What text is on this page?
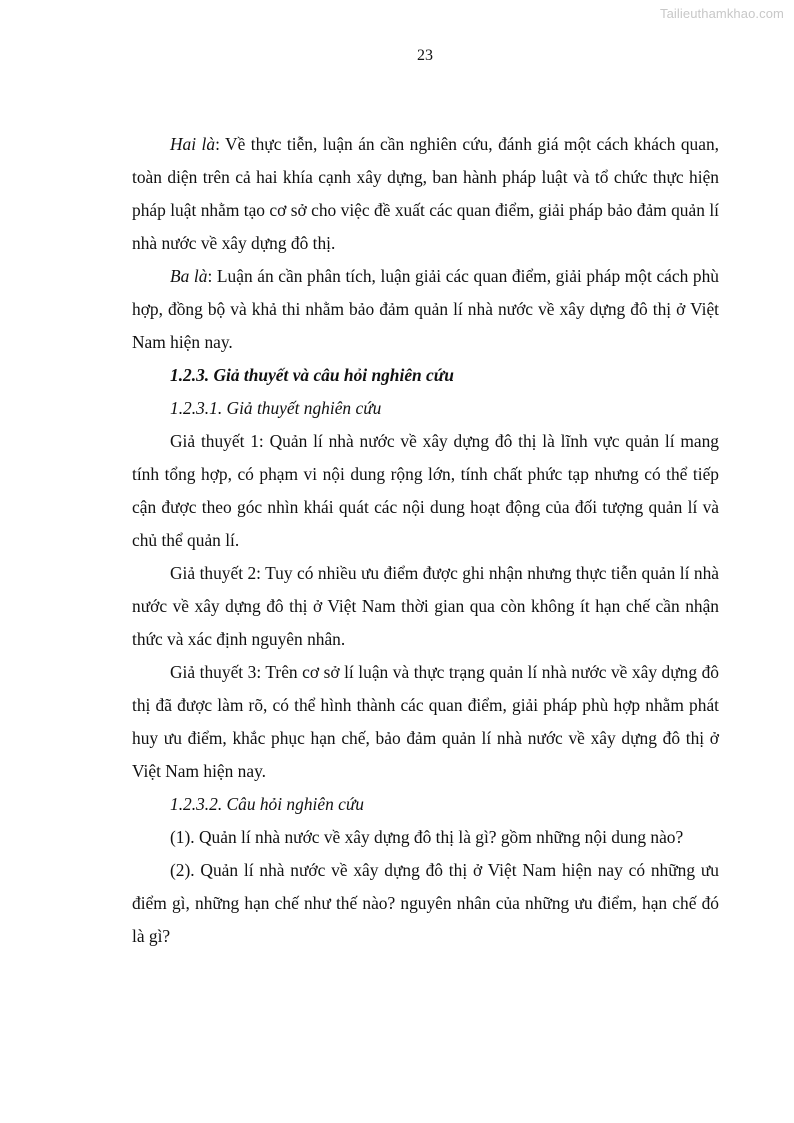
Tailieuthamkhao.com
23

Hai là: Về thực tiễn, luận án cần nghiên cứu, đánh giá một cách khách quan, toàn diện trên cả hai khía cạnh xây dựng, ban hành pháp luật và tổ chức thực hiện pháp luật nhằm tạo cơ sở cho việc đề xuất các quan điểm, giải pháp bảo đảm quản lí nhà nước về xây dựng đô thị.

Ba là: Luận án cần phân tích, luận giải các quan điểm, giải pháp một cách phù hợp, đồng bộ và khả thi nhằm bảo đảm quản lí nhà nước về xây dựng đô thị ở Việt Nam hiện nay.

1.2.3. Giả thuyết và câu hỏi nghiên cứu

1.2.3.1. Giả thuyết nghiên cứu

Giả thuyết 1: Quản lí nhà nước về xây dựng đô thị là lĩnh vực quản lí mang tính tổng hợp, có phạm vi nội dung rộng lớn, tính chất phức tạp nhưng có thể tiếp cận được theo góc nhìn khái quát các nội dung hoạt động của đối tượng quản lí và chủ thể quản lí.

Giả thuyết 2: Tuy có nhiều ưu điểm được ghi nhận nhưng thực tiễn quản lí nhà nước về xây dựng đô thị ở Việt Nam thời gian qua còn không ít hạn chế cần nhận thức và xác định nguyên nhân.

Giả thuyết 3: Trên cơ sở lí luận và thực trạng quản lí nhà nước về xây dựng đô thị đã được làm rõ, có thể hình thành các quan điểm, giải pháp phù hợp nhằm phát huy ưu điểm, khắc phục hạn chế, bảo đảm quản lí nhà nước về xây dựng đô thị ở Việt Nam hiện nay.

1.2.3.2. Câu hỏi nghiên cứu

(1). Quản lí nhà nước về xây dựng đô thị là gì? gồm những nội dung nào?

(2). Quản lí nhà nước về xây dựng đô thị ở Việt Nam hiện nay có những ưu điểm gì, những hạn chế như thế nào? nguyên nhân của những ưu điểm, hạn chế đó là gì?
